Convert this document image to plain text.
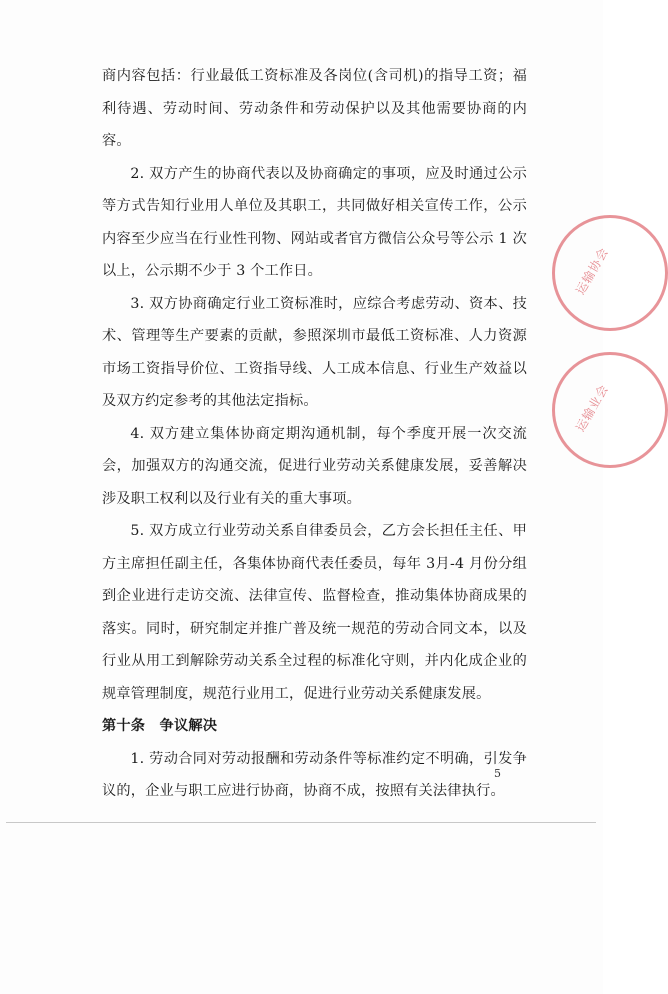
运输协会
运输业会

商内容包括：行业最低工资标准及各岗位(含司机)的指导工资；福利待遇、劳动时间、劳动条件和劳动保护以及其他需要协商的内容。

2. 双方产生的协商代表以及协商确定的事项，应及时通过公示等方式告知行业用人单位及其职工，共同做好相关宣传工作，公示内容至少应当在行业性刊物、网站或者官方微信公众号等公示 1 次以上，公示期不少于 3 个工作日。

3. 双方协商确定行业工资标准时，应综合考虑劳动、资本、技术、管理等生产要素的贡献，参照深圳市最低工资标准、人力资源市场工资指导价位、工资指导线、人工成本信息、行业生产效益以及双方约定参考的其他法定指标。

4. 双方建立集体协商定期沟通机制，每个季度开展一次交流会，加强双方的沟通交流，促进行业劳动关系健康发展，妥善解决涉及职工权利以及行业有关的重大事项。

5. 双方成立行业劳动关系自律委员会，乙方会长担任主任、甲方主席担任副主任，各集体协商代表任委员，每年 3月-4 月份分组到企业进行走访交流、法律宣传、监督检查，推动集体协商成果的落实。同时，研究制定并推广普及统一规范的劳动合同文本，以及行业从用工到解除劳动关系全过程的标准化守则，并内化成企业的规章管理制度，规范行业用工，促进行业劳动关系健康发展。

第十条　争议解决

1. 劳动合同对劳动报酬和劳动条件等标准约定不明确，引发争议的，企业与职工应进行协商，协商不成，按照有关法律执行。

5
